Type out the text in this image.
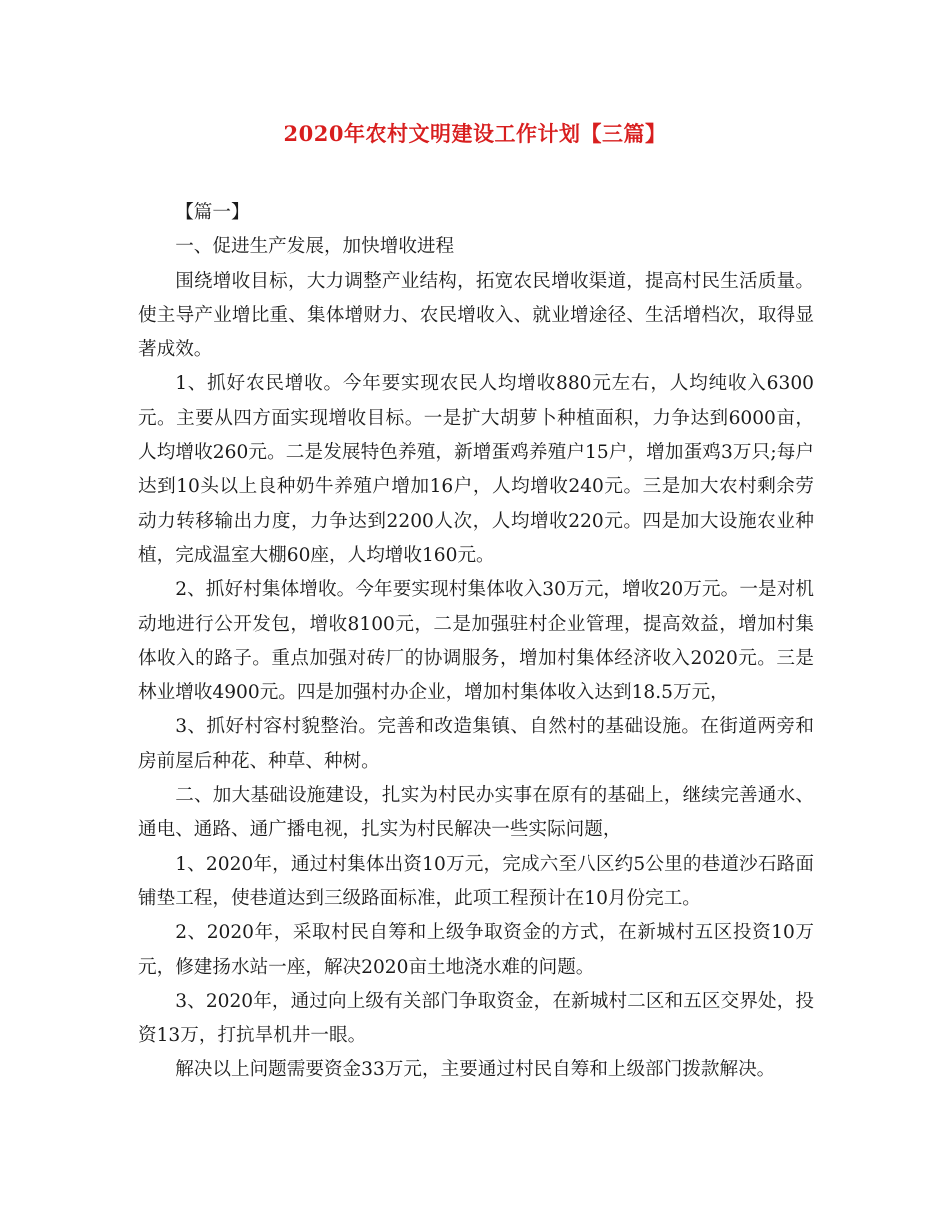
2020年农村文明建设工作计划【三篇】

【篇一】

一、促进生产发展，加快增收进程

围绕增收目标，大力调整产业结构，拓宽农民增收渠道，提高村民生活质量。使主导产业增比重、集体增财力、农民增收入、就业增途径、生活增档次，取得显著成效。

1、抓好农民增收。今年要实现农民人均增收880元左右，人均纯收入6300元。主要从四方面实现增收目标。一是扩大胡萝卜种植面积，力争达到6000亩，人均增收260元。二是发展特色养殖，新增蛋鸡养殖户15户，增加蛋鸡3万只;每户达到10头以上良种奶牛养殖户增加16户，人均增收240元。三是加大农村剩余劳动力转移输出力度，力争达到2200人次，人均增收220元。四是加大设施农业种植，完成温室大棚60座，人均增收160元。

2、抓好村集体增收。今年要实现村集体收入30万元，增收20万元。一是对机动地进行公开发包，增收8100元，二是加强驻村企业管理，提高效益，增加村集体收入的路子。重点加强对砖厂的协调服务，增加村集体经济收入2020元。三是林业增收4900元。四是加强村办企业，增加村集体收入达到18.5万元，

3、抓好村容村貌整治。完善和改造集镇、自然村的基础设施。在街道两旁和房前屋后种花、种草、种树。

二、加大基础设施建设，扎实为村民办实事在原有的基础上，继续完善通水、通电、通路、通广播电视，扎实为村民解决一些实际问题，

1、2020年，通过村集体出资10万元，完成六至八区约5公里的巷道沙石路面铺垫工程，使巷道达到三级路面标准，此项工程预计在10月份完工。

2、2020年，采取村民自筹和上级争取资金的方式，在新城村五区投资10万元，修建扬水站一座，解决2020亩土地浇水难的问题。

3、2020年，通过向上级有关部门争取资金，在新城村二区和五区交界处，投资13万，打抗旱机井一眼。

解决以上问题需要资金33万元，主要通过村民自筹和上级部门拨款解决。
